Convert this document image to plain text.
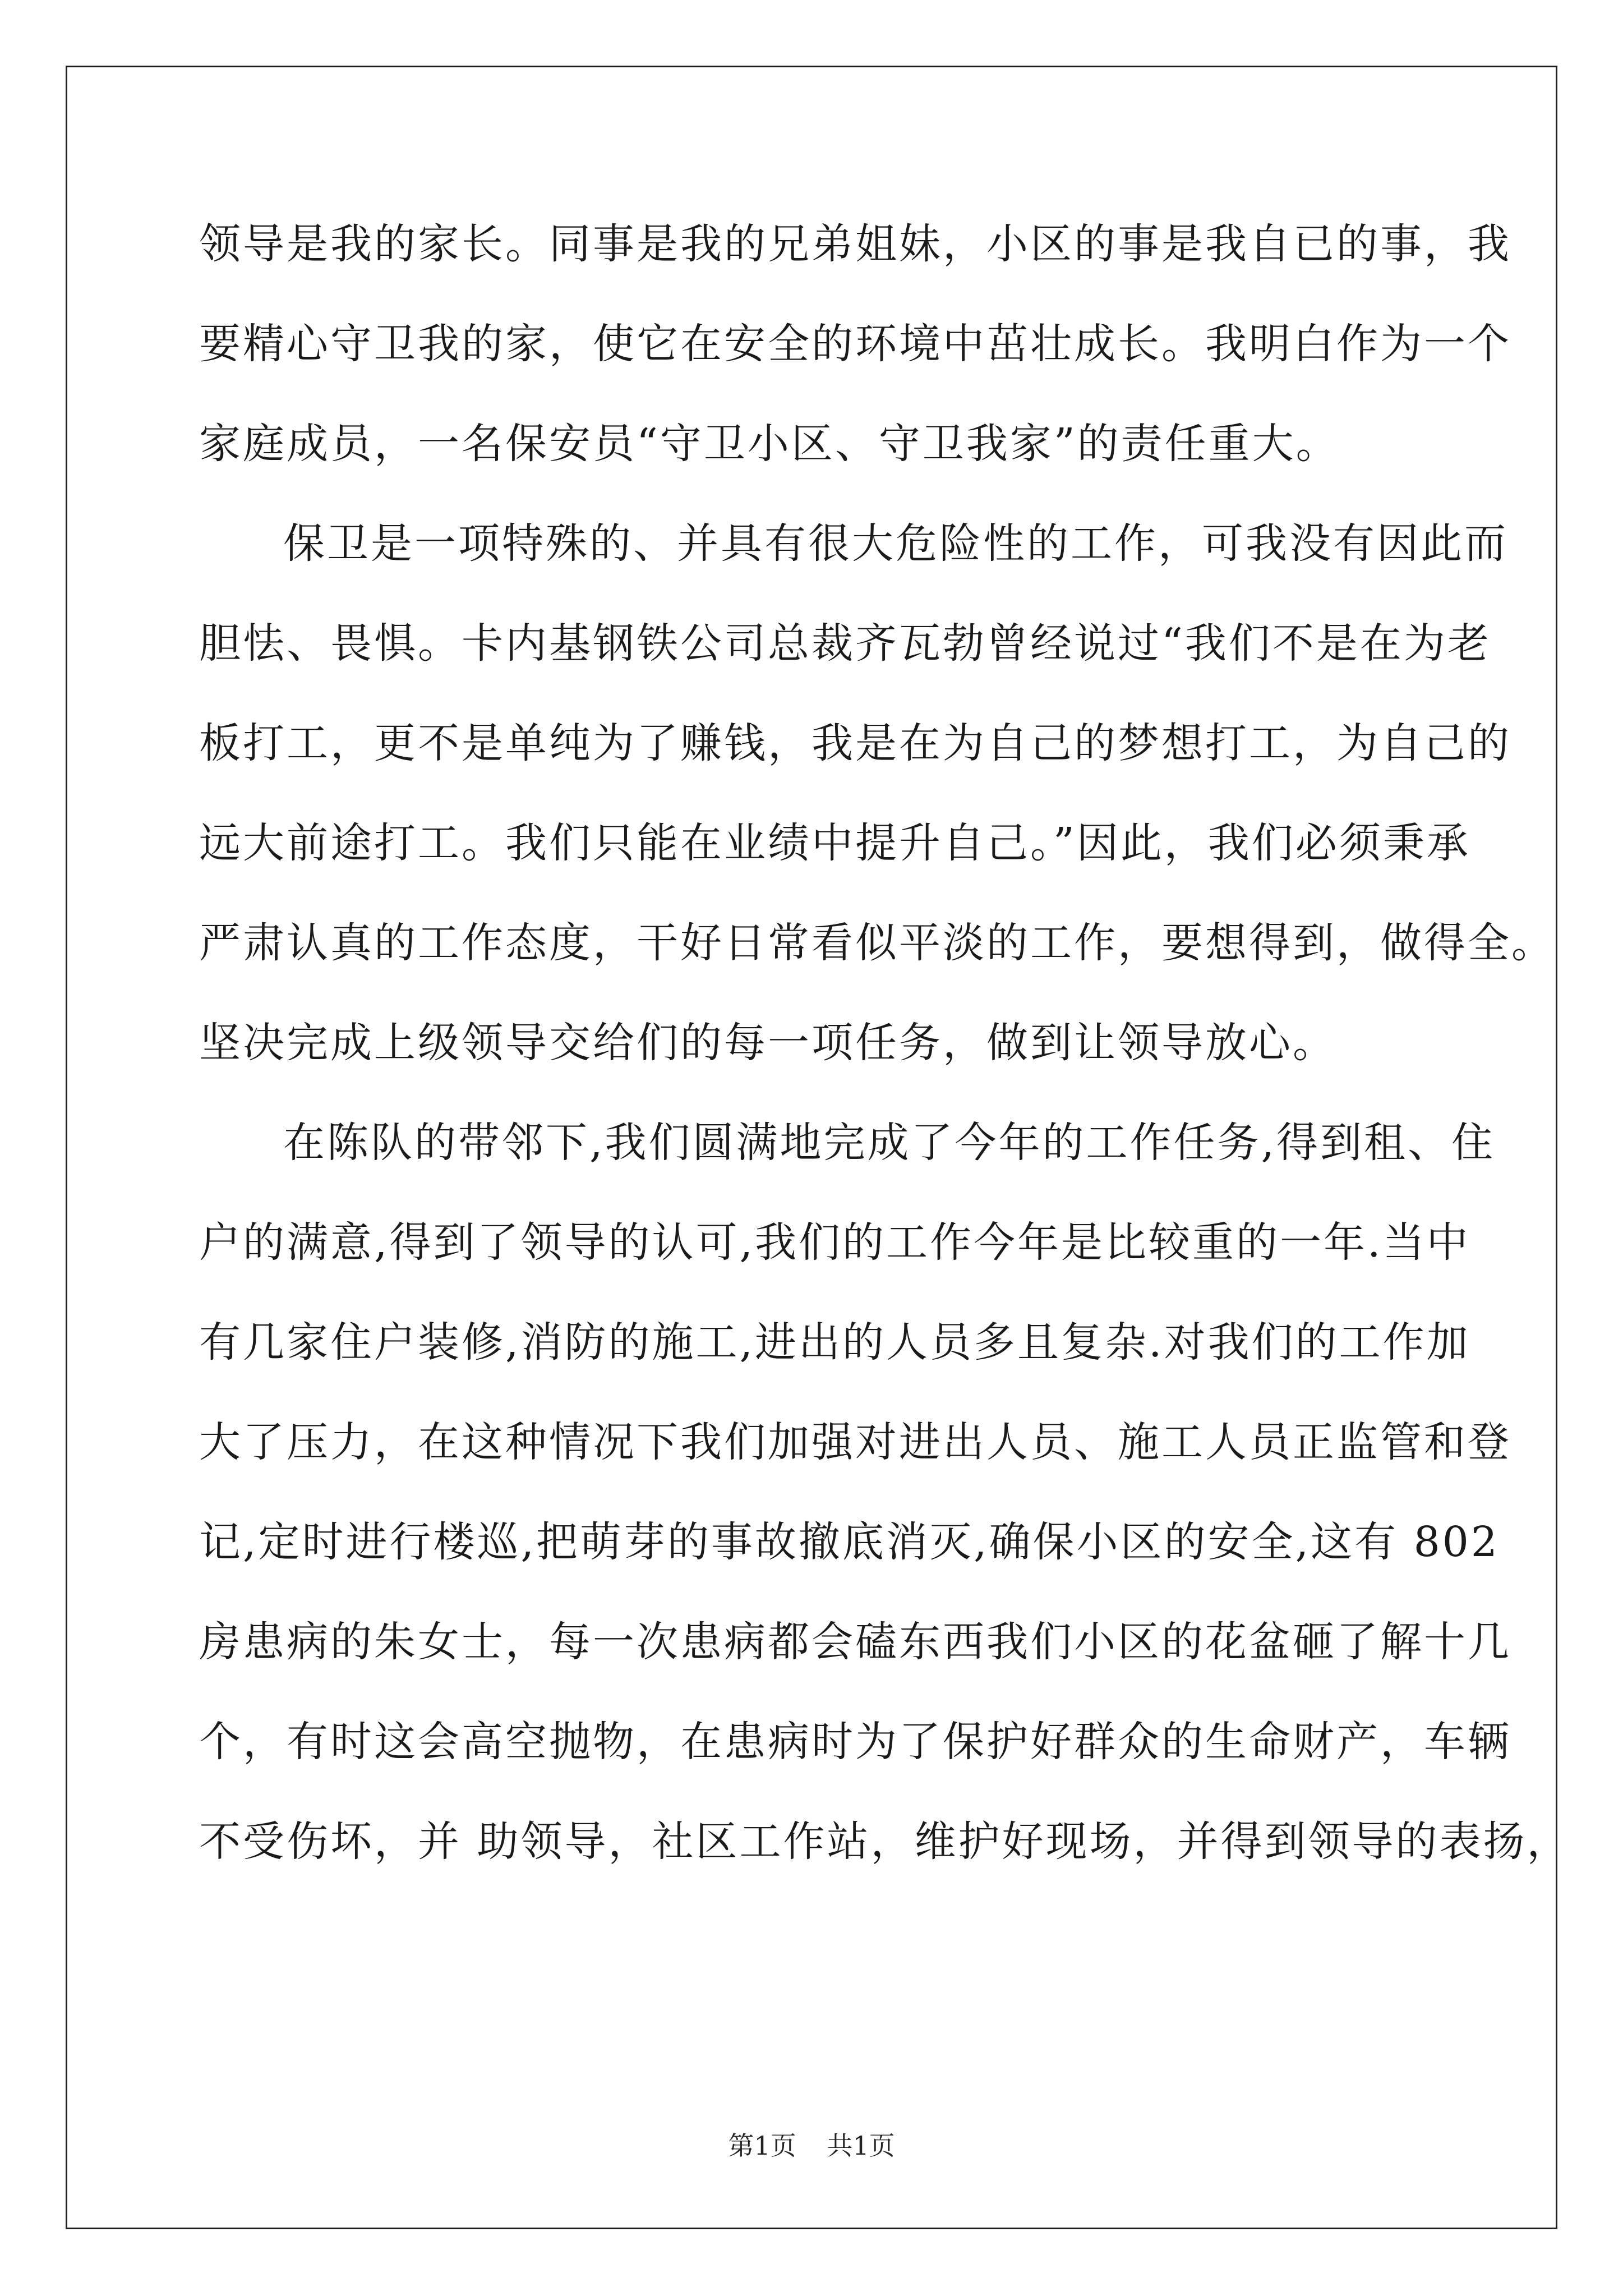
领导是我的家长。同事是我的兄弟姐妹，小区的事是我自已的事，我
要精心守卫我的家，使它在安全的环境中茁壮成长。我明白作为一个
家庭成员，一名保安员“守卫小区、守卫我家”的责任重大。
保卫是一项特殊的、并具有很大危险性的工作，可我没有因此而
胆怯、畏惧。卡内基钢铁公司总裁齐瓦勃曾经说过“我们不是在为老
板打工，更不是单纯为了赚钱，我是在为自己的梦想打工，为自己的
远大前途打工。我们只能在业绩中提升自己。”因此，我们必须秉承
严肃认真的工作态度，干好日常看似平淡的工作，要想得到，做得全。
坚决完成上级领导交给们的每一项任务，做到让领导放心。
在陈队的带邻下,我们圆满地完成了今年的工作任务,得到租、住
户的满意,得到了领导的认可,我们的工作今年是比较重的一年.当中
有几家住户装修,消防的施工,进出的人员多且复杂.对我们的工作加
大了压力，在这种情况下我们加强对进出人员、施工人员正监管和登
记,定时进行楼巡,把萌芽的事故撤底消灭,确保小区的安全,这有 802
房患病的朱女士，每一次患病都会磕东西我们小区的花盆砸了解十几
个，有时这会高空抛物，在患病时为了保护好群众的生命财产，车辆
不受伤坏，并 助领导，社区工作站，维护好现场，并得到领导的表扬，
第1页 共1页
